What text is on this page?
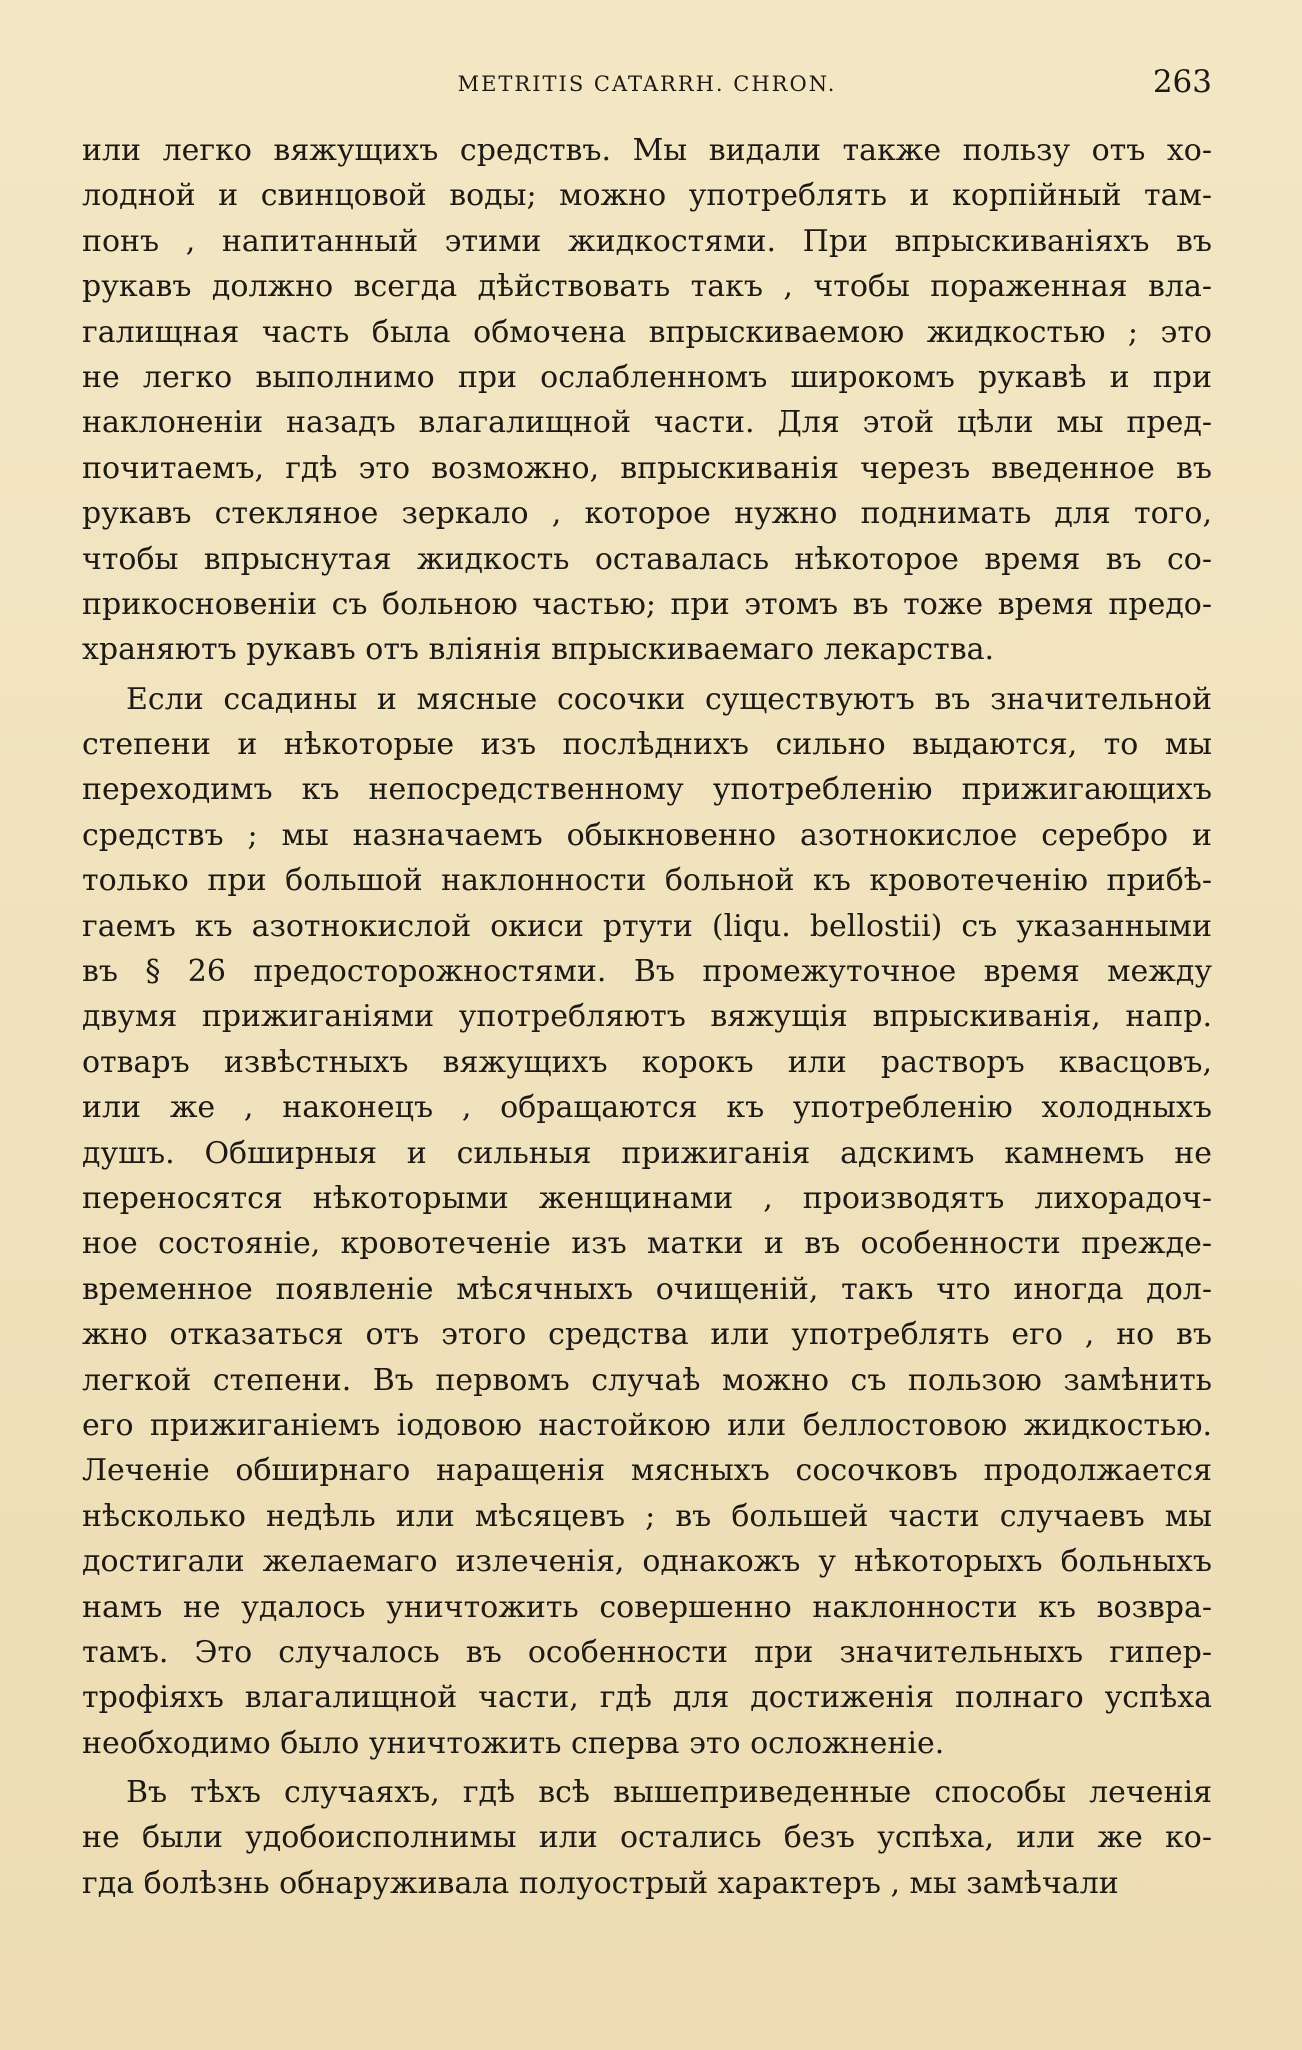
METRITIS CATARRH. CHRON.	263
или легко вяжущихъ средствъ. Мы видали также пользу отъ хо-
лодной и свинцовой воды; можно употреблять и корпійный там-
понъ , напитанный этими жидкостями. При впрыскиваніяхъ въ
рукавъ должно всегда дѣйствовать такъ , чтобы пораженная вла-
галищная часть была обмочена впрыскиваемою жидкостью ; это
не легко выполнимо при ослабленномъ широкомъ рукавѣ и при
наклоненіи назадъ влагалищной части. Для этой цѣли мы пред-
почитаемъ, гдѣ это возможно, впрыскиванія черезъ введенное въ
рукавъ стекляное зеркало , которое нужно поднимать для того,
чтобы впрыснутая жидкость оставалась нѣкоторое время въ со-
прикосновеніи съ больною частью; при этомъ въ тоже время предо-
храняютъ рукавъ отъ вліянія впрыскиваемаго лекарства.
Если ссадины и мясные сосочки существуютъ въ значительной
степени и нѣкоторые изъ послѣднихъ сильно выдаются, то мы
переходимъ къ непосредственному употребленію прижигающихъ
средствъ ; мы назначаемъ обыкновенно азотнокислое серебро и
только при большой наклонности больной къ кровотеченію прибѣ-
гаемъ къ азотнокислой окиси ртути (liqu. bellostii) съ указанными
въ § 26 предосторожностями. Въ промежуточное время между
двумя прижиганіями употребляютъ вяжущія впрыскиванія, напр.
отваръ извѣстныхъ вяжущихъ корокъ или растворъ квасцовъ,
или же , наконецъ , обращаются къ употребленію холодныхъ
душъ. Обширныя и сильныя прижиганія адскимъ камнемъ не
переносятся нѣкоторыми женщинами , производятъ лихорадоч-
ное состояніе, кровотеченіе изъ матки и въ особенности прежде-
временное появленіе мѣсячныхъ очищеній, такъ что иногда дол-
жно отказаться отъ этого средства или употреблять его , но въ
легкой степени. Въ первомъ случаѣ можно съ пользою замѣнить
его прижиганіемъ іодовою настойкою или беллостовою жидкостью.
Леченіе обширнаго наращенія мясныхъ сосочковъ продолжается
нѣсколько недѣль или мѣсяцевъ ; въ большей части случаевъ мы
достигали желаемаго излеченія, однакожъ у нѣкоторыхъ больныхъ
намъ не удалось уничтожить совершенно наклонности къ возвра-
тамъ. Это случалось въ особенности при значительныхъ гипер-
трофіяхъ влагалищной части, гдѣ для достиженія полнаго успѣха
необходимо было уничтожить сперва это осложненіе.
Въ тѣхъ случаяхъ, гдѣ всѣ вышеприведенные способы леченія
не были удобоисполнимы или остались безъ успѣха, или же ко-
гда болѣзнь обнаруживала полуострый характеръ , мы замѣчали
